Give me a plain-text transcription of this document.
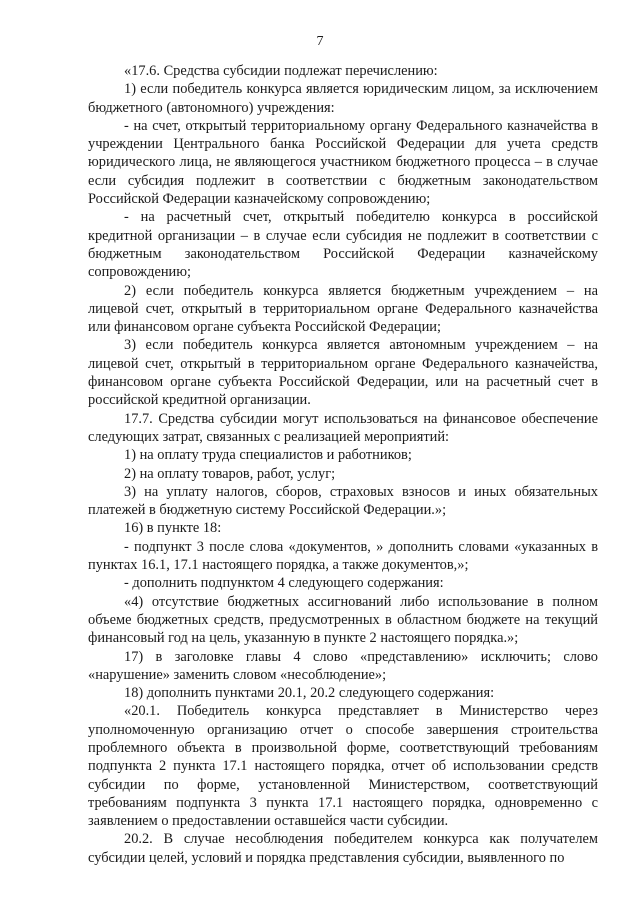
7

«17.6. Средства субсидии подлежат перечислению:

1) если победитель конкурса является юридическим лицом, за исключением бюджетного (автономного) учреждения:

- на счет, открытый территориальному органу Федерального казначейства в учреждении Центрального банка Российской Федерации для учета средств юридического лица, не являющегося участником бюджетного процесса – в случае если субсидия подлежит в соответствии с бюджетным законодательством Российской Федерации казначейскому сопровождению;

- на расчетный счет, открытый победителю конкурса в российской кредитной организации – в случае если субсидия не подлежит в соответствии с бюджетным законодательством Российской Федерации казначейскому сопровождению;

2) если победитель конкурса является бюджетным учреждением – на лицевой счет, открытый в территориальном органе Федерального казначейства или финансовом органе субъекта Российской Федерации;

3) если победитель конкурса является автономным учреждением – на лицевой счет, открытый в территориальном органе Федерального казначейства, финансовом органе субъекта Российской Федерации, или на расчетный счет в российской кредитной организации.

17.7. Средства субсидии могут использоваться на финансовое обеспечение следующих затрат, связанных с реализацией мероприятий:

1) на оплату труда специалистов и работников;

2) на оплату товаров, работ, услуг;

3) на уплату налогов, сборов, страховых взносов и иных обязательных платежей в бюджетную систему Российской Федерации.»;

16) в пункте 18:

- подпункт 3 после слова «документов, » дополнить словами «указанных в пунктах 16.1, 17.1 настоящего порядка, а также документов,»;

- дополнить подпунктом 4 следующего содержания:

«4) отсутствие бюджетных ассигнований либо использование в полном объеме бюджетных средств, предусмотренных в областном бюджете на текущий финансовый год на цель, указанную в пункте 2 настоящего порядка.»;

17) в заголовке главы 4 слово «представлению» исключить; слово «нарушение» заменить словом «несоблюдение»;

18) дополнить пунктами 20.1, 20.2 следующего содержания:

«20.1. Победитель конкурса представляет в Министерство через уполномоченную организацию отчет о способе завершения строительства проблемного объекта в произвольной форме, соответствующий требованиям подпункта 2 пункта 17.1 настоящего порядка, отчет об использовании средств субсидии по форме, установленной Министерством, соответствующий требованиям подпункта 3 пункта 17.1 настоящего порядка, одновременно с заявлением о предоставлении оставшейся части субсидии.

20.2. В случае несоблюдения победителем конкурса как получателем субсидии целей, условий и порядка представления субсидии, выявленного по
